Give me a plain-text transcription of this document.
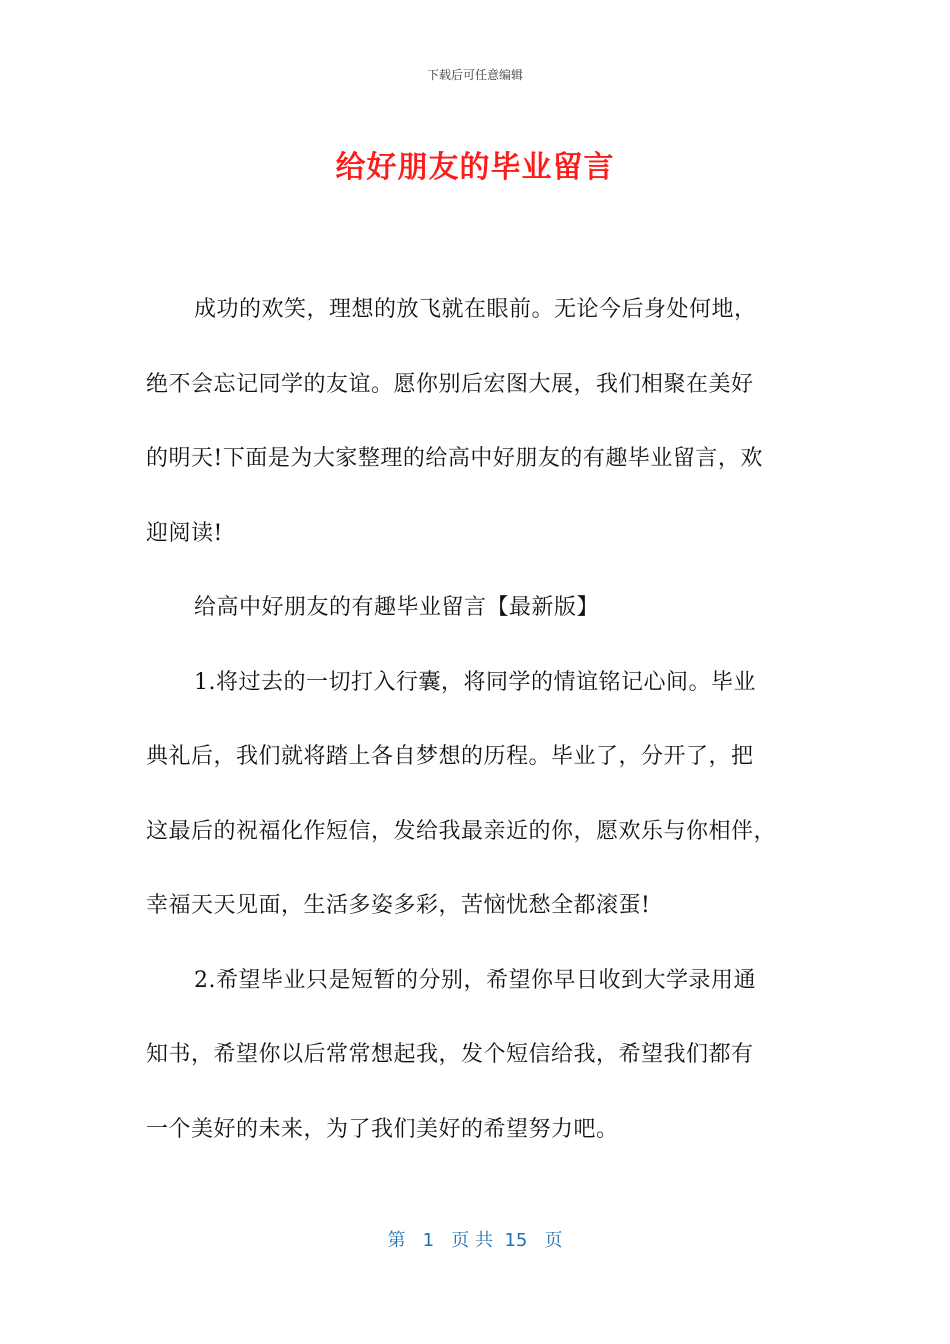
下载后可任意编辑
给好朋友的毕业留言

成功的欢笑，理想的放飞就在眼前。无论今后身处何地，
绝不会忘记同学的友谊。愿你别后宏图大展，我们相聚在美好
的明天!下面是为大家整理的给高中好朋友的有趣毕业留言，欢
迎阅读!

给高中好朋友的有趣毕业留言【最新版】

1.将过去的一切打入行囊，将同学的情谊铭记心间。毕业
典礼后，我们就将踏上各自梦想的历程。毕业了，分开了，把
这最后的祝福化作短信，发给我最亲近的你，愿欢乐与你相伴，
幸福天天见面，生活多姿多彩，苦恼忧愁全都滚蛋!

2.希望毕业只是短暂的分别，希望你早日收到大学录用通
知书，希望你以后常常想起我，发个短信给我，希望我们都有
一个美好的未来，为了我们美好的希望努力吧。

第 1 页 共 15 页
